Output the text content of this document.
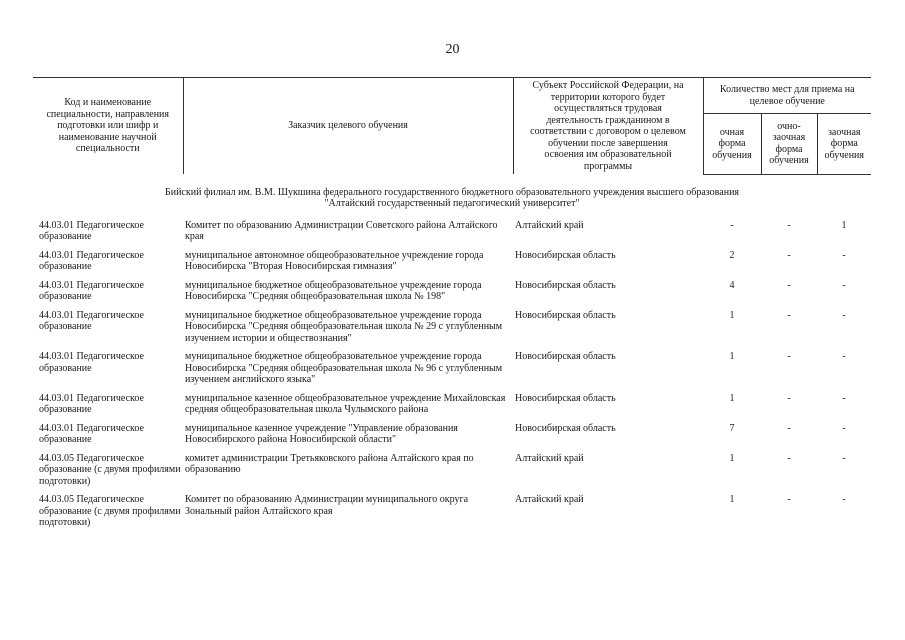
20
Код и наименование специальности, направления подготовки или шифр и наименование научной специальности	Заказчик целевого обучения	Субъект Российской Федерации, на территории которого будет осуществляться трудовая деятельность гражданином в соответствии с договором о целевом обучении после завершения освоения им образовательной программы	Количество мест для приема на целевое обучение		
			очная форма обучения	очно-заочная форма обучения	заочная форма обучения

Бийский филиал им. В.М. Шукшина федерального государственного бюджетного образовательного учреждения высшего образования
"Алтайский государственный педагогический университет"					

44.03.01 Педагогическое образование	Комитет по образованию Администрации Советского района Алтайского края	Алтайский край	-	-	1
44.03.01 Педагогическое образование	муниципальное автономное общеобразовательное учреждение города Новосибирска "Вторая Новосибирская гимназия"	Новосибирская область	2	-	-
44.03.01 Педагогическое образование	муниципальное бюджетное общеобразовательное учреждение города Новосибирска "Средняя общеобразовательная школа № 198"	Новосибирская область	4	-	-
44.03.01 Педагогическое образование	муниципальное бюджетное общеобразовательное учреждение города Новосибирска "Средняя общеобразовательная школа № 29 с углубленным изучением истории и обществознания"	Новосибирская область	1	-	-
44.03.01 Педагогическое образование	муниципальное бюджетное общеобразовательное учреждение города Новосибирска "Средняя общеобразовательная школа № 96 с углубленным изучением английского языка"	Новосибирская область	1	-	-
44.03.01 Педагогическое образование	муниципальное казенное общеобразовательное учреждение Михайловская средняя общеобразовательная школа Чулымского района	Новосибирская область	1	-	-
44.03.01 Педагогическое образование	муниципальное казенное учреждение "Управление образования Новосибирского района Новосибирской области"	Новосибирская область	7	-	-
44.03.05 Педагогическое образование (с двумя профилями подготовки)	комитет администрации Третьяковского района Алтайского края по образованию	Алтайский край	1	-	-
44.03.05 Педагогическое образование (с двумя профилями подготовки)	Комитет по образованию Администрации муниципального округа Зональный район Алтайского края	Алтайский край	1	-	-
